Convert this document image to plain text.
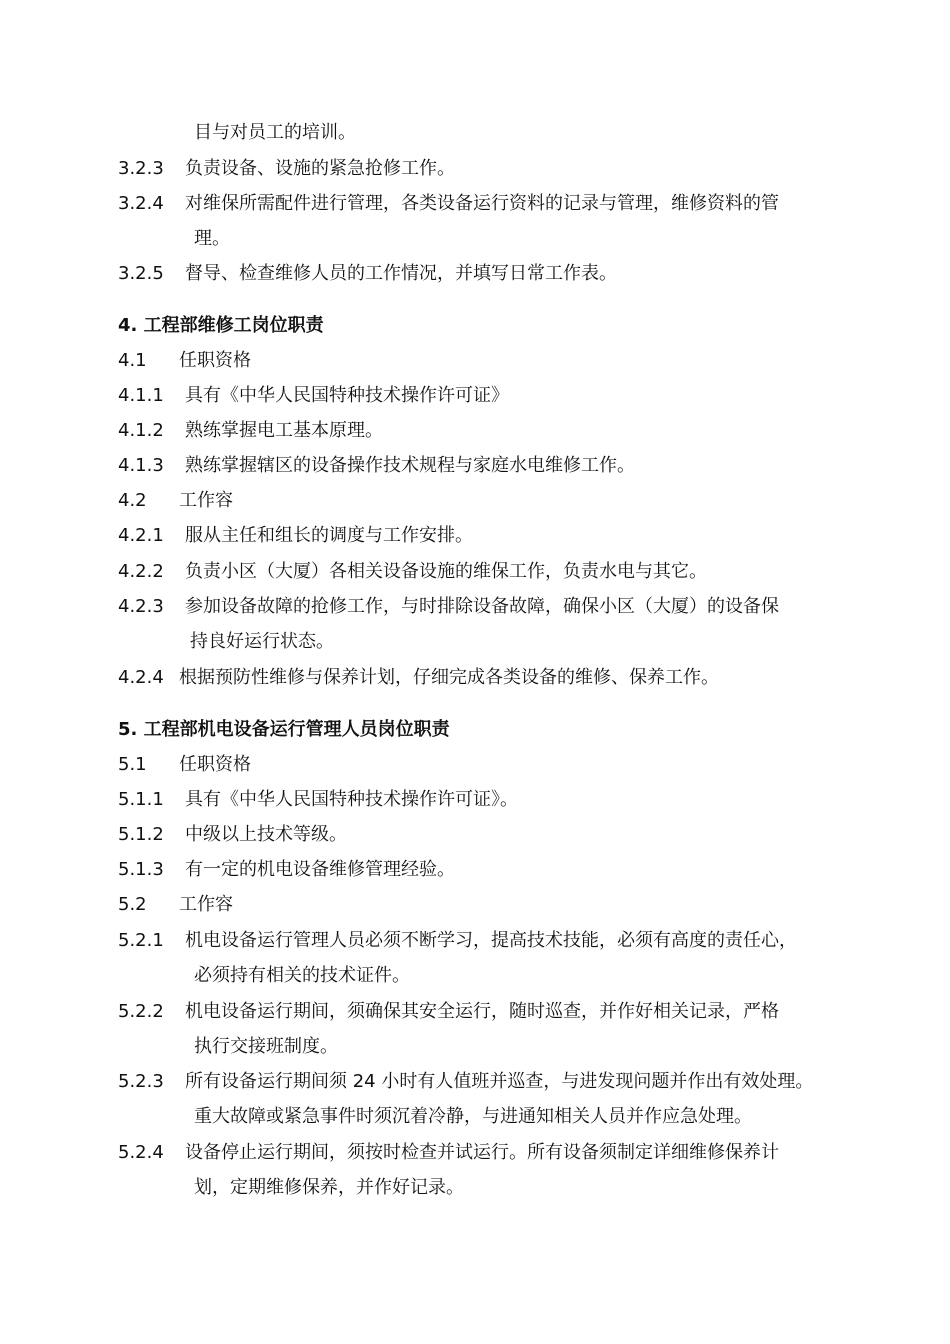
目与对员工的培训。
3.2.3 负责设备、设施的紧急抢修工作。
3.2.4 对维保所需配件进行管理，各类设备运行资料的记录与管理，维修资料的管
理。
3.2.5 督导、检查维修人员的工作情况，并填写日常工作表。
4. 工程部维修工岗位职责
4.1 任职资格
4.1.1 具有《中华人民国特种技术操作许可证》
4.1.2 熟练掌握电工基本原理。
4.1.3 熟练掌握辖区的设备操作技术规程与家庭水电维修工作。
4.2 工作容
4.2.1 服从主任和组长的调度与工作安排。
4.2.2 负责小区（大厦）各相关设备设施的维保工作，负责水电与其它。
4.2.3 参加设备故障的抢修工作，与时排除设备故障，确保小区（大厦）的设备保
持良好运行状态。
4.2.4 根据预防性维修与保养计划，仔细完成各类设备的维修、保养工作。
5. 工程部机电设备运行管理人员岗位职责
5.1 任职资格
5.1.1 具有《中华人民国特种技术操作许可证》。
5.1.2 中级以上技术等级。
5.1.3 有一定的机电设备维修管理经验。
5.2 工作容
5.2.1 机电设备运行管理人员必须不断学习，提高技术技能，必须有高度的责任心，
必须持有相关的技术证件。
5.2.2 机电设备运行期间，须确保其安全运行，随时巡查，并作好相关记录，严格
执行交接班制度。
5.2.3 所有设备运行期间须 24 小时有人值班并巡查，与进发现问题并作出有效处理。
重大故障或紧急事件时须沉着冷静，与进通知相关人员并作应急处理。
5.2.4 设备停止运行期间，须按时检查并试运行。所有设备须制定详细维修保养计
划，定期维修保养，并作好记录。
